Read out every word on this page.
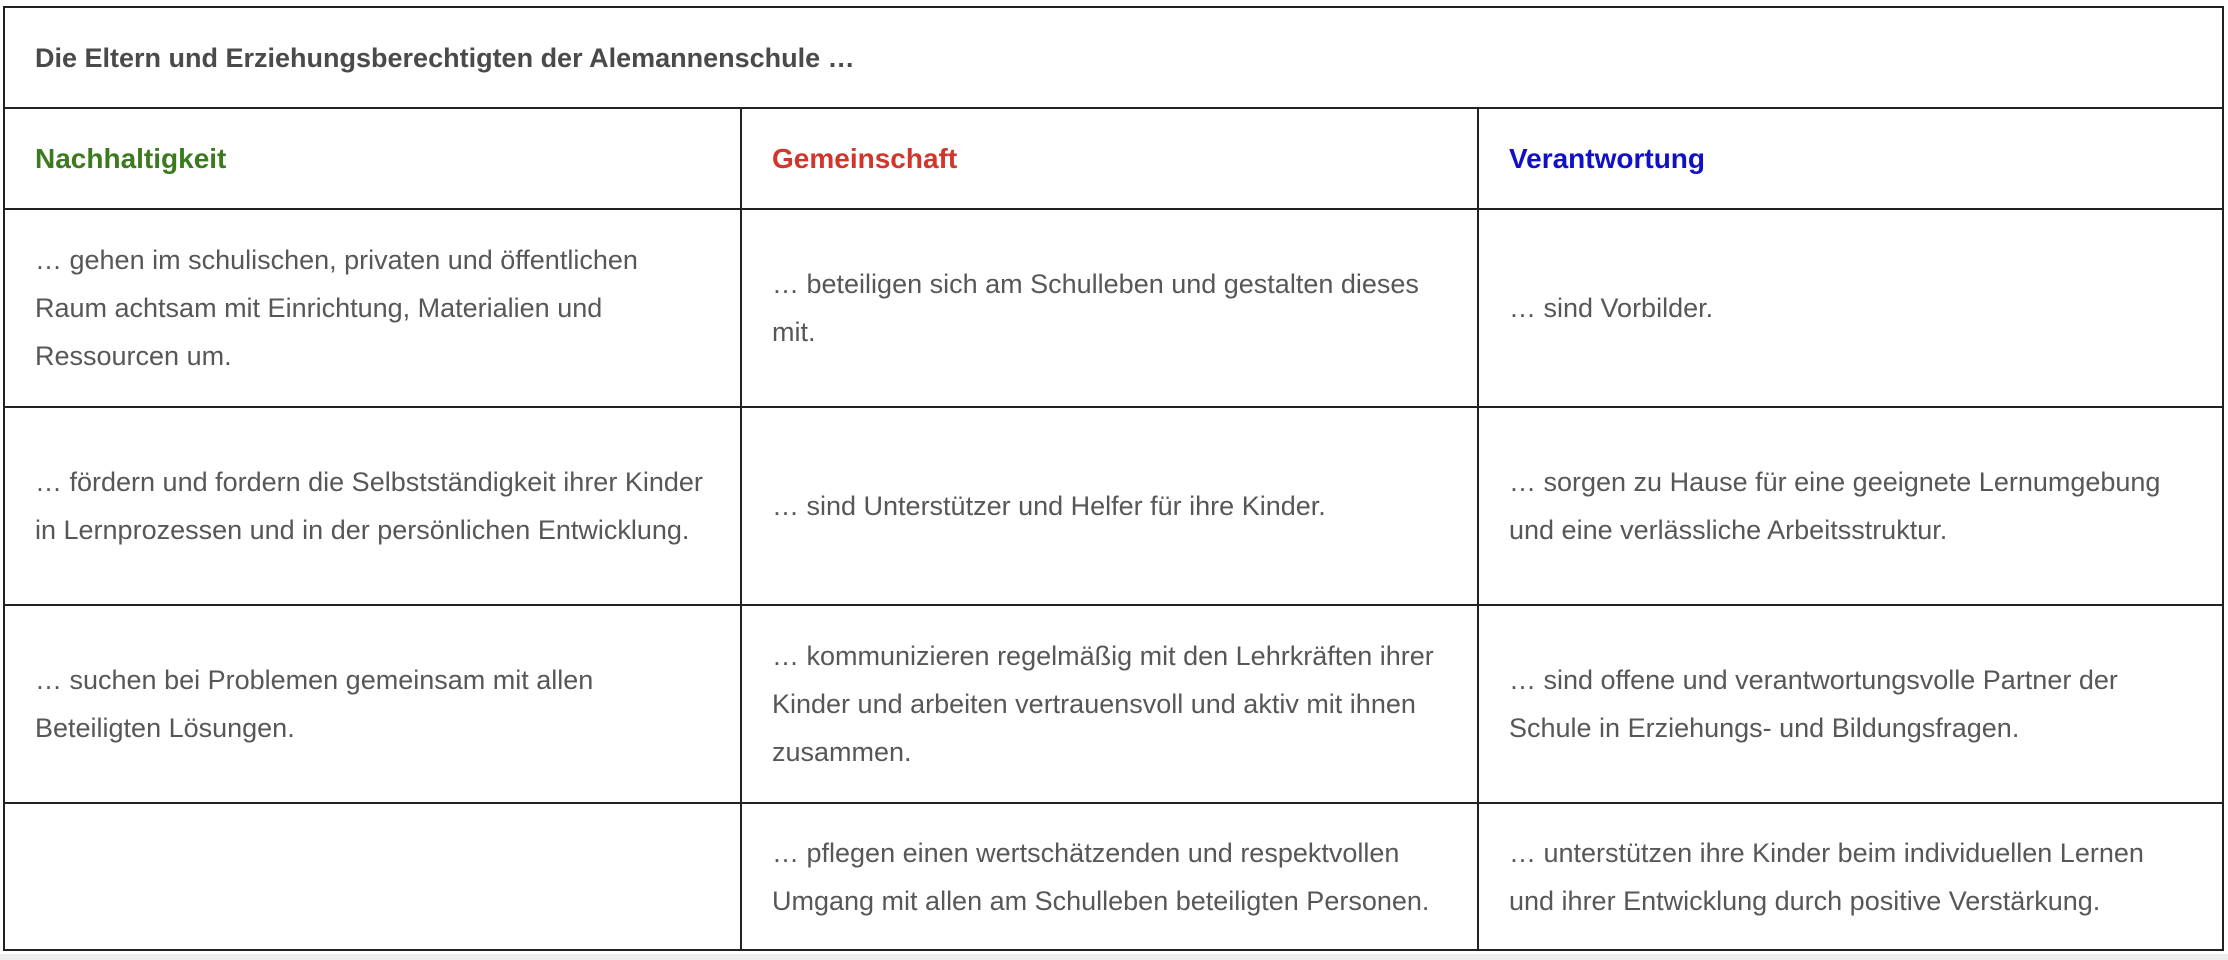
Die Eltern und Erziehungsberechtigten der Alemannenschule …		
Nachhaltigkeit	Gemeinschaft	Verantwortung
… gehen im schulischen, privaten und öffentlichen Raum achtsam mit Einrichtung, Materialien und Ressourcen um.	… beteiligen sich am Schulleben und gestalten dieses mit.	… sind Vorbilder.
… fördern und fordern die Selbstständigkeit ihrer Kinder in Lernprozessen und in der persönlichen Entwicklung.	… sind Unterstützer und Helfer für ihre Kinder.	… sorgen zu Hause für eine geeignete Lernumgebung und eine verlässliche Arbeitsstruktur.
… suchen bei Problemen gemeinsam mit allen Beteiligten Lösungen.	… kommunizieren regelmäßig mit den Lehrkräften ihrer Kinder und arbeiten vertrauensvoll und aktiv mit ihnen zusammen.	… sind offene und verantwortungsvolle Partner der Schule in Erziehungs- und Bildungsfragen.
	… pflegen einen wertschätzenden und respektvollen Umgang mit allen am Schulleben beteiligten Personen.	… unterstützen ihre Kinder beim individuellen Lernen und ihrer Entwicklung durch positive Verstärkung.
